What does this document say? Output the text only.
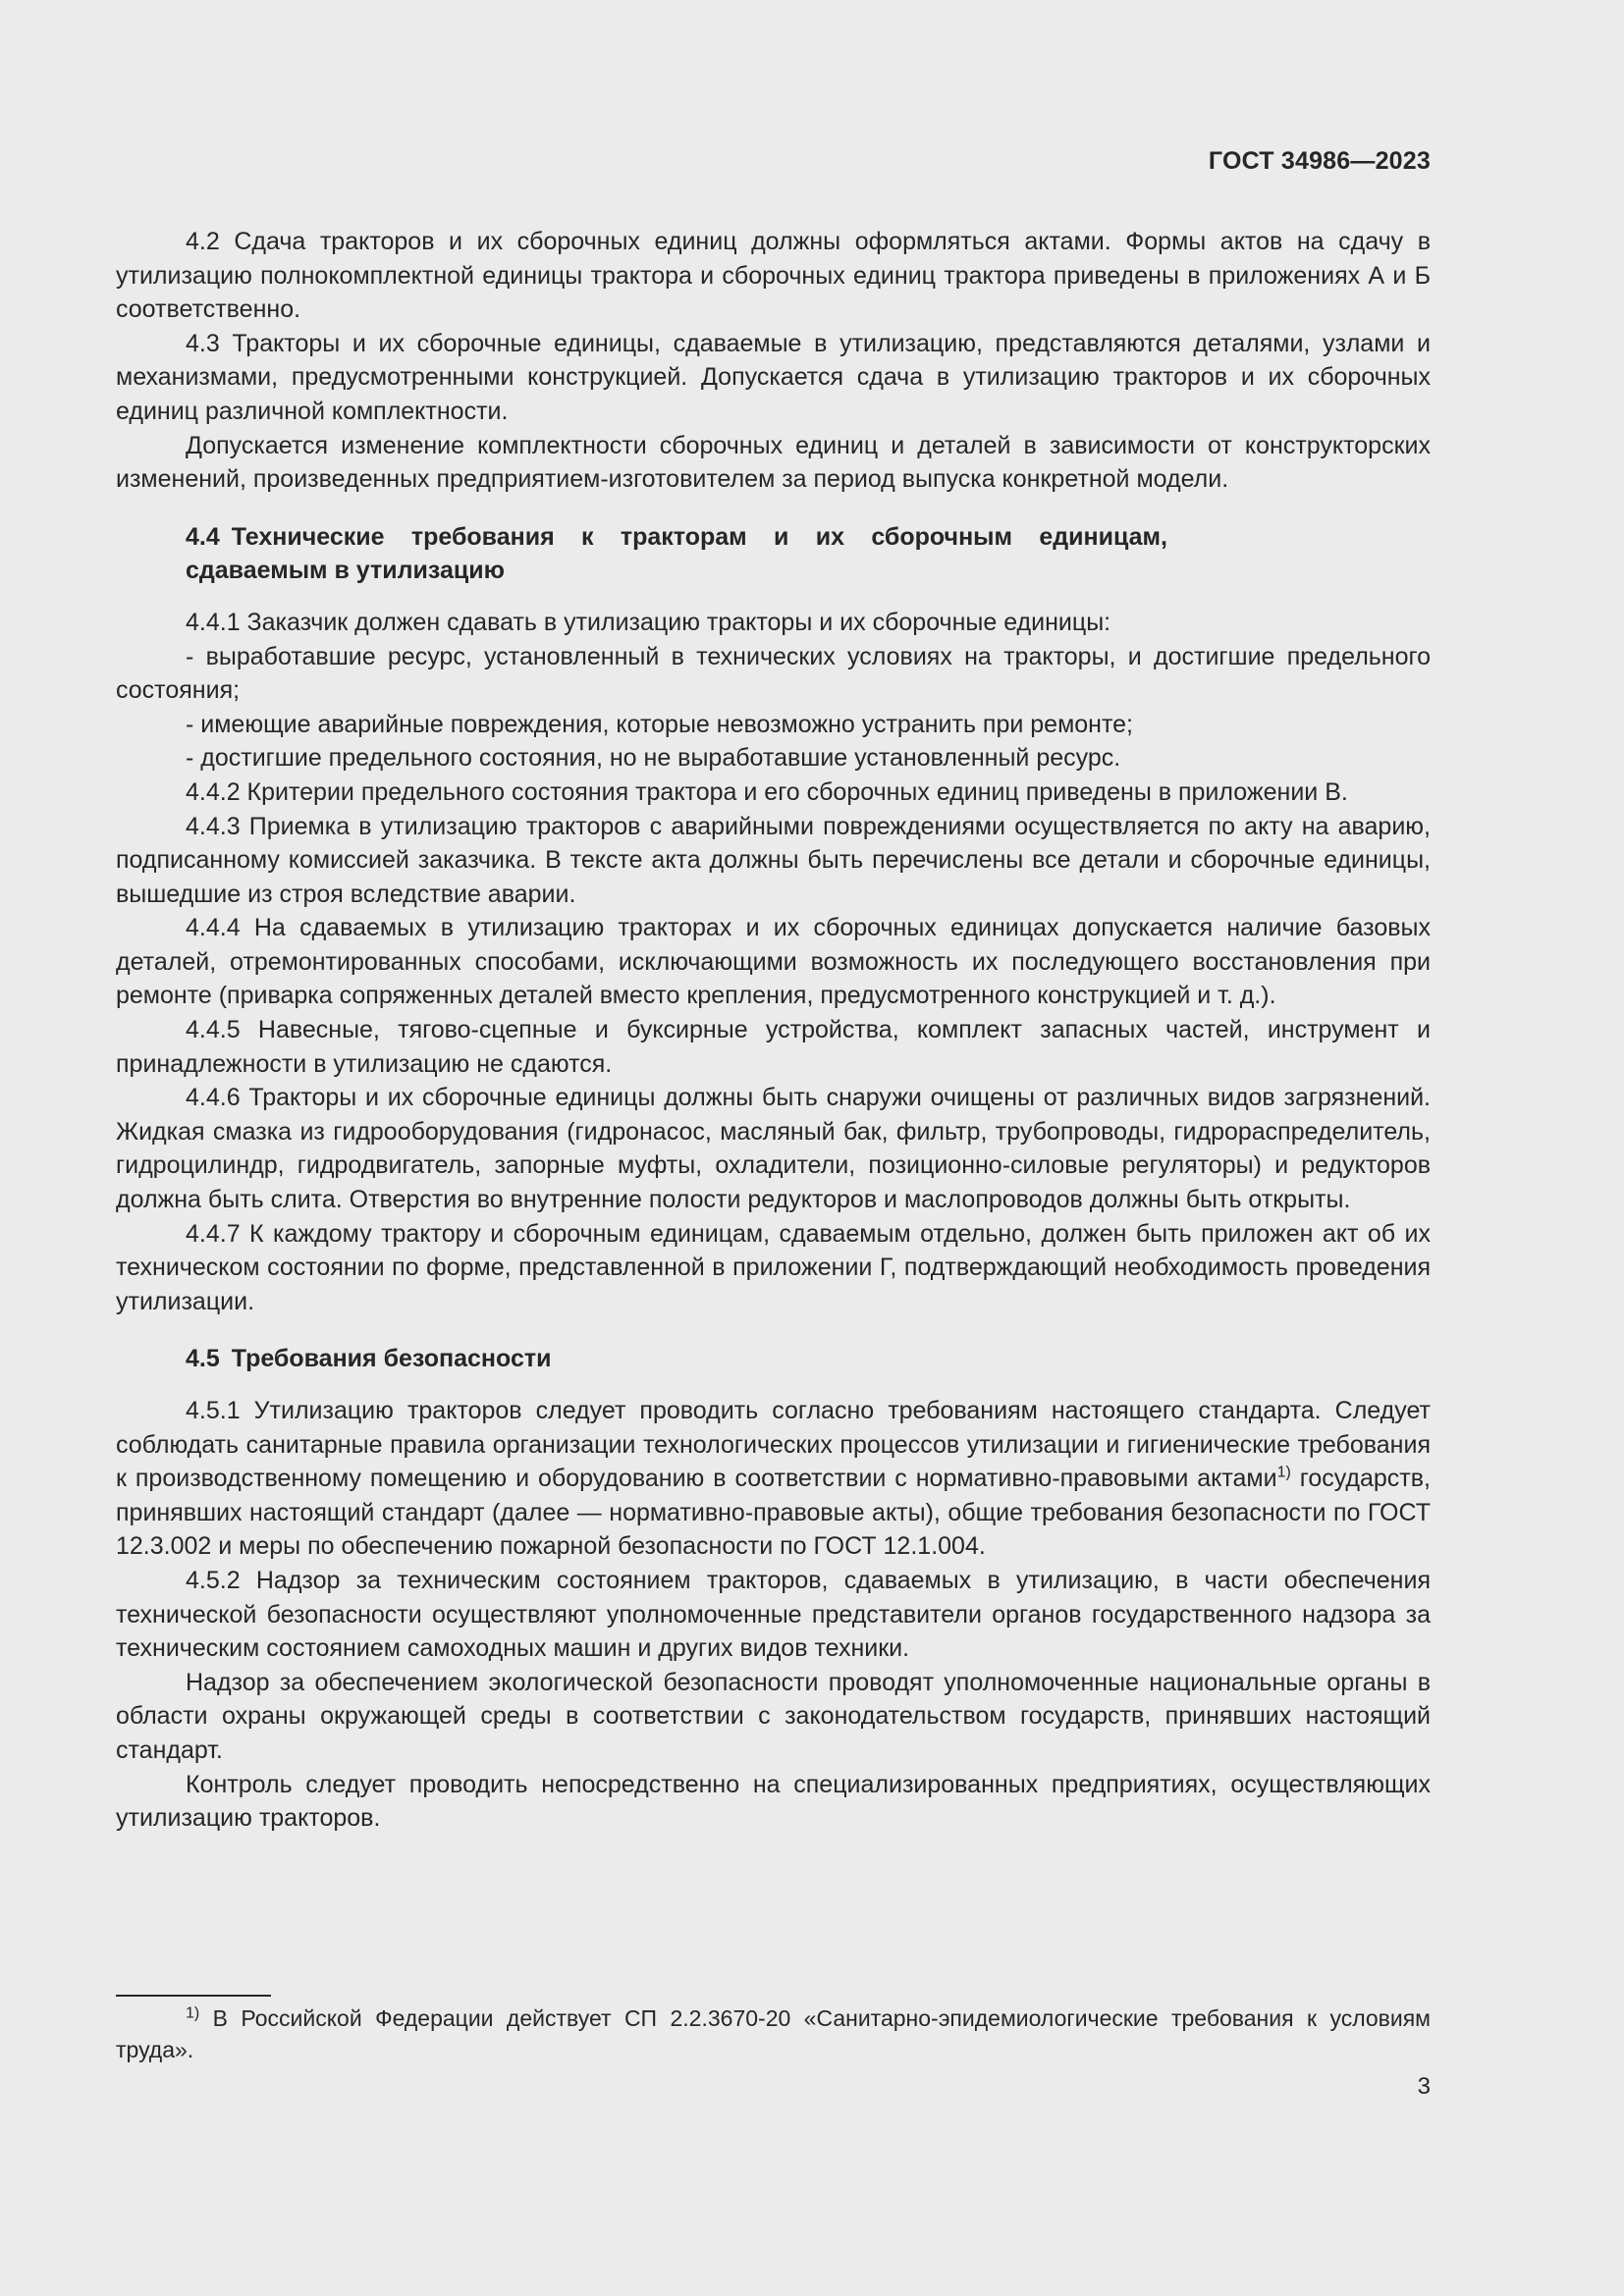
ГОСТ 34986—2023

4.2 Сдача тракторов и их сборочных единиц должны оформляться актами. Формы актов на сдачу в утилизацию полнокомплектной единицы трактора и сборочных единиц трактора приведены в приложениях А и Б соответственно.

4.3 Тракторы и их сборочные единицы, сдаваемые в утилизацию, представляются деталями, узлами и механизмами, предусмотренными конструкцией. Допускается сдача в утилизацию тракторов и их сборочных единиц различной комплектности.

Допускается изменение комплектности сборочных единиц и деталей в зависимости от конструкторских изменений, произведенных предприятием-изготовителем за период выпуска конкретной модели.

4.4 Технические требования к тракторам и их сборочным единицам, сдаваемым в утилизацию

4.4.1 Заказчик должен сдавать в утилизацию тракторы и их сборочные единицы:

- выработавшие ресурс, установленный в технических условиях на тракторы, и достигшие предельного состояния;

- имеющие аварийные повреждения, которые невозможно устранить при ремонте;

- достигшие предельного состояния, но не выработавшие установленный ресурс.

4.4.2 Критерии предельного состояния трактора и его сборочных единиц приведены в приложении В.

4.4.3 Приемка в утилизацию тракторов с аварийными повреждениями осуществляется по акту на аварию, подписанному комиссией заказчика. В тексте акта должны быть перечислены все детали и сборочные единицы, вышедшие из строя вследствие аварии.

4.4.4 На сдаваемых в утилизацию тракторах и их сборочных единицах допускается наличие базовых деталей, отремонтированных способами, исключающими возможность их последующего восстановления при ремонте (приварка сопряженных деталей вместо крепления, предусмотренного конструкцией и т. д.).

4.4.5 Навесные, тягово-сцепные и буксирные устройства, комплект запасных частей, инструмент и принадлежности в утилизацию не сдаются.

4.4.6 Тракторы и их сборочные единицы должны быть снаружи очищены от различных видов загрязнений. Жидкая смазка из гидрооборудования (гидронасос, масляный бак, фильтр, трубопроводы, гидрораспределитель, гидроцилиндр, гидродвигатель, запорные муфты, охладители, позиционно-силовые регуляторы) и редукторов должна быть слита. Отверстия во внутренние полости редукторов и маслопроводов должны быть открыты.

4.4.7 К каждому трактору и сборочным единицам, сдаваемым отдельно, должен быть приложен акт об их техническом состоянии по форме, представленной в приложении Г, подтверждающий необходимость проведения утилизации.

4.5 Требования безопасности

4.5.1 Утилизацию тракторов следует проводить согласно требованиям настоящего стандарта. Следует соблюдать санитарные правила организации технологических процессов утилизации и гигиенические требования к производственному помещению и оборудованию в соответствии с нормативно-правовыми актами$^{1)}$ государств, принявших настоящий стандарт (далее — нормативно-правовые акты), общие требования безопасности по ГОСТ 12.3.002 и меры по обеспечению пожарной безопасности по ГОСТ 12.1.004.

4.5.2 Надзор за техническим состоянием тракторов, сдаваемых в утилизацию, в части обеспечения технической безопасности осуществляют уполномоченные представители органов государственного надзора за техническим состоянием самоходных машин и других видов техники.

Надзор за обеспечением экологической безопасности проводят уполномоченные национальные органы в области охраны окружающей среды в соответствии с законодательством государств, принявших настоящий стандарт.

Контроль следует проводить непосредственно на специализированных предприятиях, осуществляющих утилизацию тракторов.

$^{1)}$ В Российской Федерации действует СП 2.2.3670-20 «Санитарно-эпидемиологические требования к условиям труда».
3
